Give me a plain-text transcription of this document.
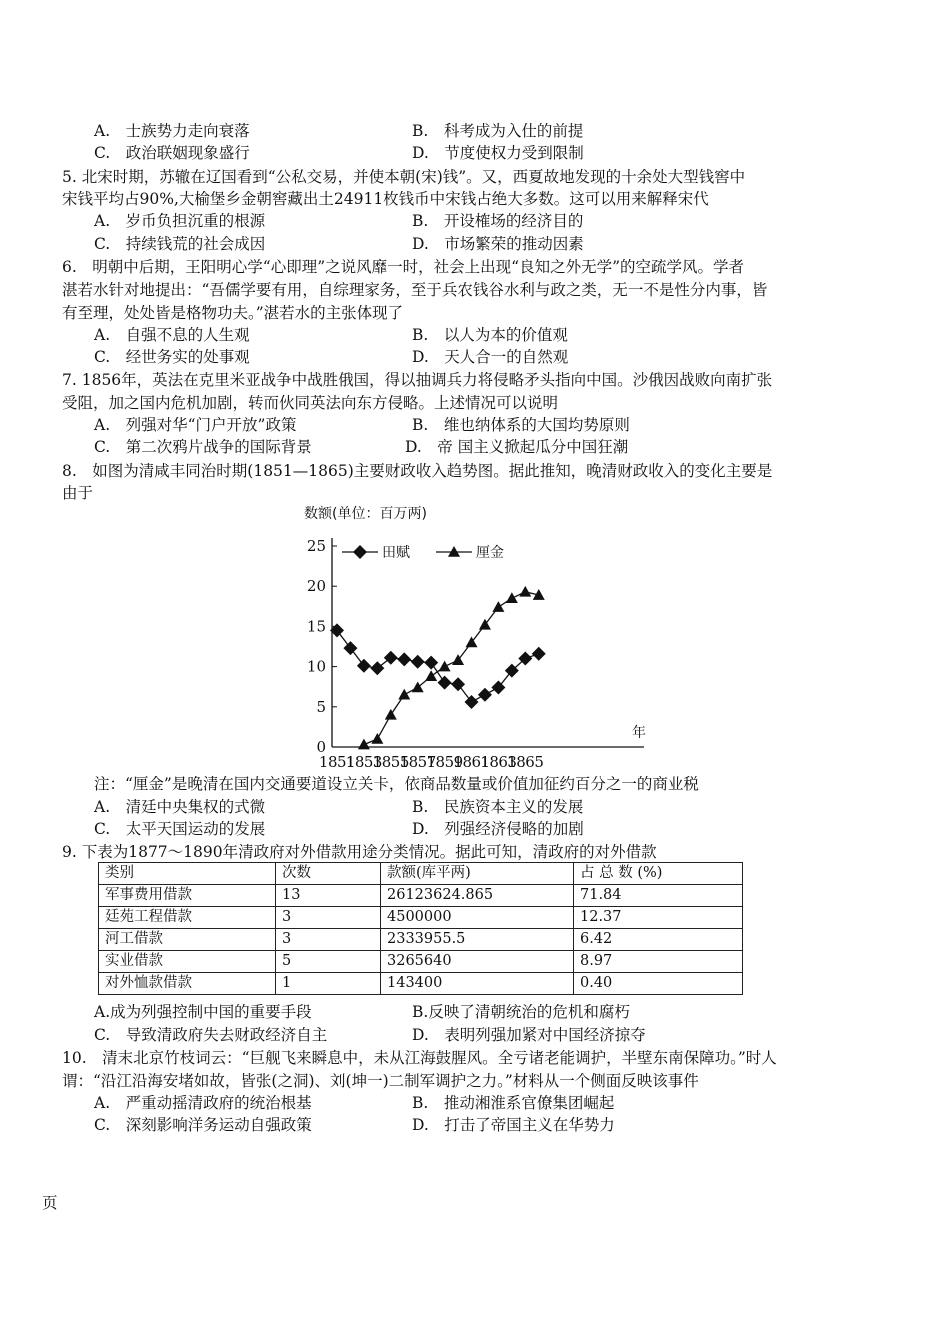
A.　士族势力走向衰落	B.　科考成为入仕的前提
C.　政治联姻现象盛行	D.　节度使权力受到限制
5. 北宋时期，苏辙在辽国看到“公私交易，并使本朝(宋)钱”。又，西夏故地发现的十余处大型钱窖中
宋钱平均占90%,大榆堡乡金朝窖藏出土24911枚钱币中宋钱占绝大多数。这可以用来解释宋代
A.　岁币负担沉重的根源	B.　开设榷场的经济目的
C.　持续钱荒的社会成因	D.　市场繁荣的推动因素
6.　明朝中后期，王阳明心学“心即理”之说风靡一时，社会上出现“良知之外无学”的空疏学风。学者
湛若水针对地提出：“吾儒学要有用，自综理家务，至于兵农钱谷水利与政之类，无一不是性分内事，皆
有至理，处处皆是格物功夫。”湛若水的主张体现了
A.　自强不息的人生观	B.　以人为本的价值观
C.　经世务实的处事观	D.　天人合一的自然观
7. 1856年，英法在克里米亚战争中战胜俄国，得以抽调兵力将侵略矛头指向中国。沙俄因战败向南扩张
受阻，加之国内危机加剧，转而伙同英法向东方侵略。上述情况可以说明
A.　列强对华“门户开放”政策	B.　维也纳体系的大国均势原则
C.　第二次鸦片战争的国际背景	D.　帝 国主义掀起瓜分中国狂潮
8.　如图为清咸丰同治时期(1851—1865)主要财政收入趋势图。据此推知，晚清财政收入的变化主要是
由于
0
5
10
15
20
25
1851
1853
1855
1857
1859
1861
1863
1865
数额(单位：百万两)
年
田赋	厘金
注：“厘金”是晚清在国内交通要道设立关卡，依商品数量或价值加征约百分之一的商业税
A.　清廷中央集权的式微	B.　民族资本主义的发展
C.　太平天国运动的发展	D.　列强经济侵略的加剧
9. 下表为1877～1890年清政府对外借款用途分类情况。据此可知，清政府的对外借款
类别	次数	款额(库平两)	占 总 数 (%)
军事费用借款	13	26123624.865	71.84
廷苑工程借款	3	4500000	12.37
河工借款	3	2333955.5	6.42
实业借款	5	3265640	8.97
对外恤款借款	1	143400	0.40
A.成为列强控制中国的重要手段	B.反映了清朝统治的危机和腐朽
C.　导致清政府失去财政经济自主	D.　表明列强加紧对中国经济掠夺
10.　清末北京竹枝词云：“巨舰飞来瞬息中，未从江海鼓腥风。全亏诸老能调护，半壁东南保障功。”时人
谓：“沿江沿海安堵如故，皆张(之洞)、刘(坤一)二制军调护之力。”材料从一个侧面反映该事件
A.　严重动摇清政府的统治根基	B.　推动湘淮系官僚集团崛起
C.　深刻影响洋务运动自强政策	D.　打击了帝国主义在华势力
页
